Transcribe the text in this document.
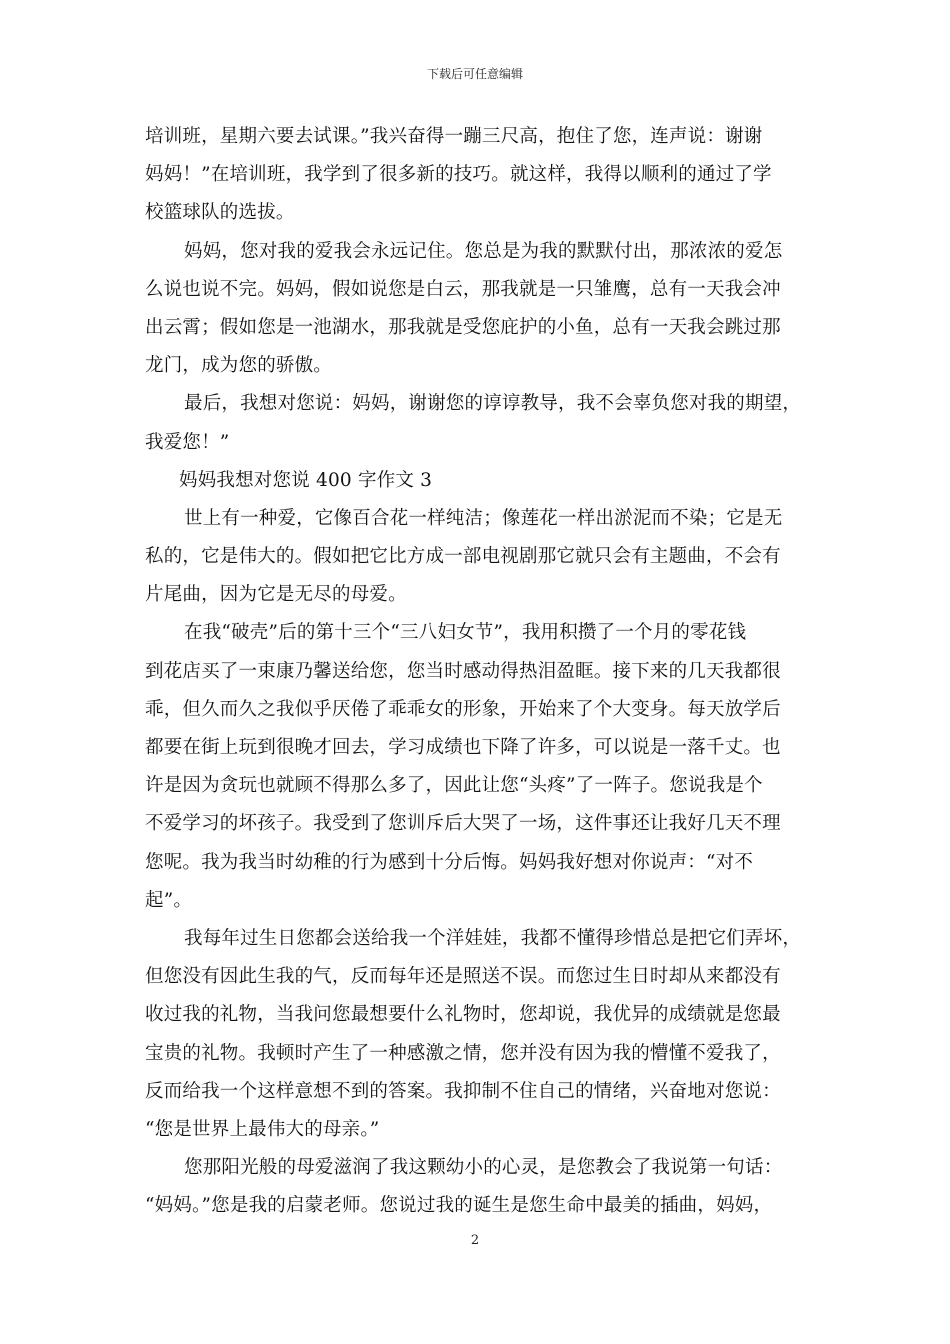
下载后可任意编辑
培训班，星期六要去试课。”我兴奋得一蹦三尺高，抱住了您，连声说：谢谢
妈妈！”在培训班，我学到了很多新的技巧。就这样，我得以顺利的通过了学
校篮球队的选拔。
妈妈，您对我的爱我会永远记住。您总是为我的默默付出，那浓浓的爱怎
么说也说不完。妈妈，假如说您是白云，那我就是一只雏鹰，总有一天我会冲
出云霄；假如您是一池湖水，那我就是受您庇护的小鱼，总有一天我会跳过那
龙门，成为您的骄傲。
最后，我想对您说：妈妈，谢谢您的谆谆教导，我不会辜负您对我的期望，
我爱您！”
妈妈我想对您说 400 字作文 3
世上有一种爱，它像百合花一样纯洁；像莲花一样出淤泥而不染；它是无
私的，它是伟大的。假如把它比方成一部电视剧那它就只会有主题曲，不会有
片尾曲，因为它是无尽的母爱。
在我“破壳”后的第十三个“三八妇女节”，我用积攒了一个月的零花钱
到花店买了一束康乃馨送给您，您当时感动得热泪盈眶。接下来的几天我都很
乖，但久而久之我似乎厌倦了乖乖女的形象，开始来了个大变身。每天放学后
都要在街上玩到很晚才回去，学习成绩也下降了许多，可以说是一落千丈。也
许是因为贪玩也就顾不得那么多了，因此让您“头疼”了一阵子。您说我是个
不爱学习的坏孩子。我受到了您训斥后大哭了一场，这件事还让我好几天不理
您呢。我为我当时幼稚的行为感到十分后悔。妈妈我好想对你说声：“对不
起”。
我每年过生日您都会送给我一个洋娃娃，我都不懂得珍惜总是把它们弄坏，
但您没有因此生我的气，反而每年还是照送不误。而您过生日时却从来都没有
收过我的礼物，当我问您最想要什么礼物时，您却说，我优异的成绩就是您最
宝贵的礼物。我顿时产生了一种感激之情，您并没有因为我的懵懂不爱我了，
反而给我一个这样意想不到的答案。我抑制不住自己的情绪，兴奋地对您说：
“您是世界上最伟大的母亲。”
您那阳光般的母爱滋润了我这颗幼小的心灵，是您教会了我说第一句话：
“妈妈。”您是我的启蒙老师。您说过我的诞生是您生命中最美的插曲，妈妈，
2
